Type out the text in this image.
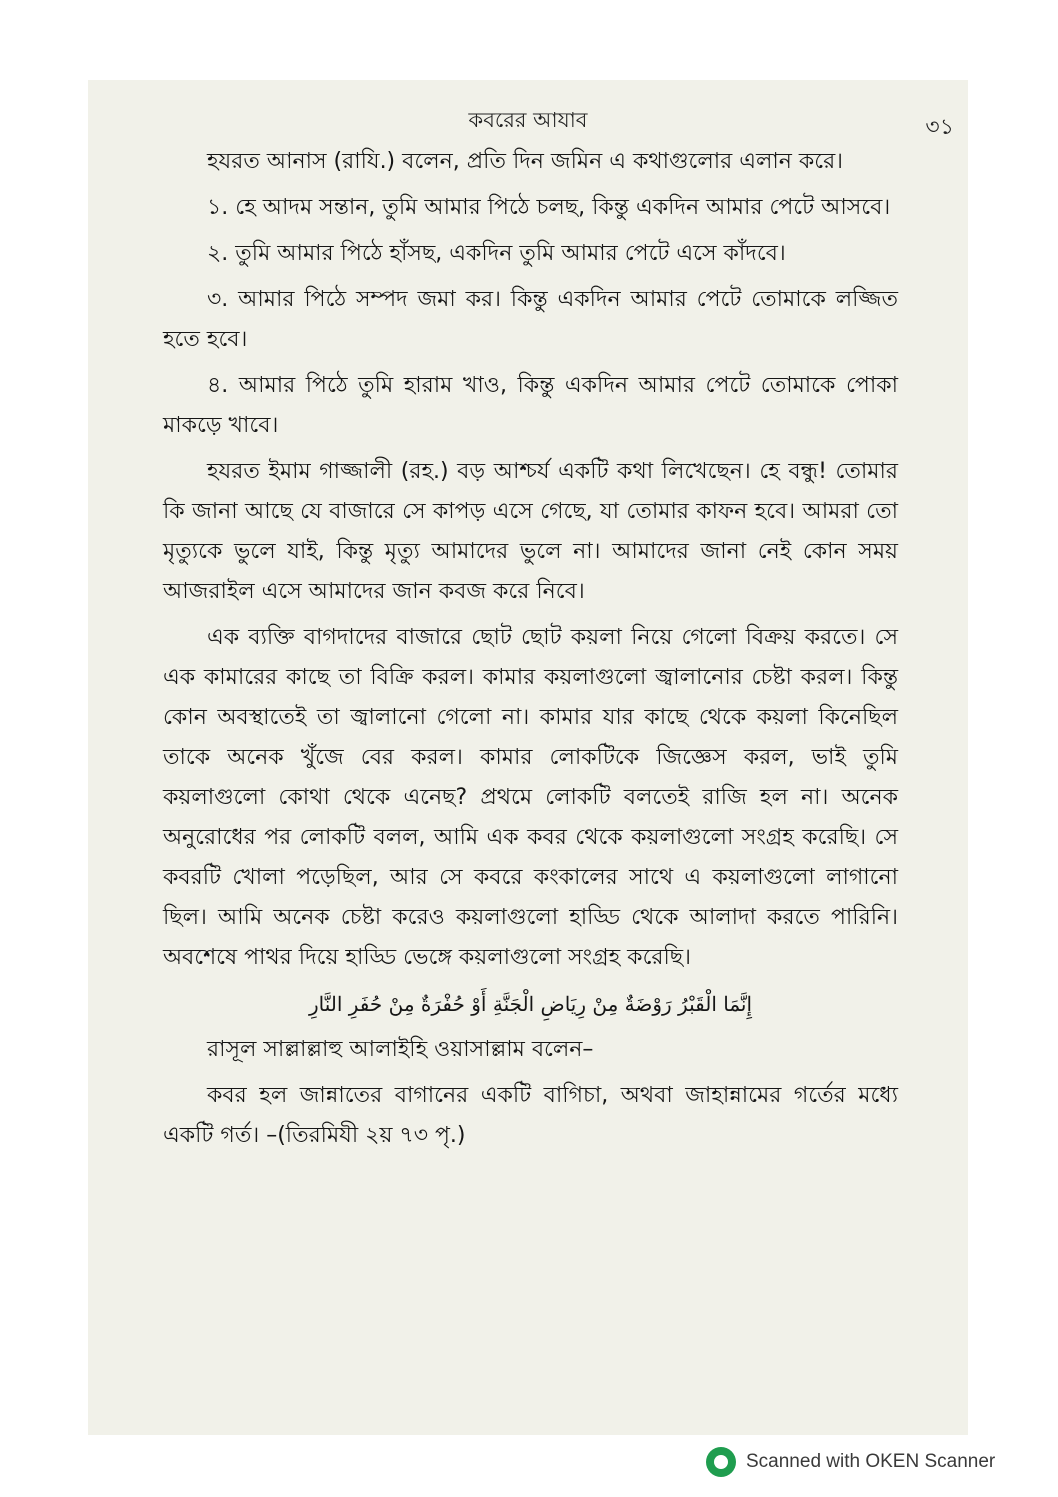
কবরের আযাব	৩১

হযরত আনাস (রাযি.) বলেন, প্রতি দিন জমিন এ কথাগুলোর এলান করে।

১. হে আদম সন্তান, তুমি আমার পিঠে চলছ, কিন্তু একদিন আমার পেটে আসবে।

২. তুমি আমার পিঠে হাঁসছ, একদিন তুমি আমার পেটে এসে কাঁদবে।

৩. আমার পিঠে সম্পদ জমা কর। কিন্তু একদিন আমার পেটে তোমাকে লজ্জিত হতে হবে।

৪. আমার পিঠে তুমি হারাম খাও, কিন্তু একদিন আমার পেটে তোমাকে পোকা মাকড়ে খাবে।

হযরত ইমাম গাজ্জালী (রহ.) বড় আশ্চর্য একটি কথা লিখেছেন। হে বন্ধু! তোমার কি জানা আছে যে বাজারে সে কাপড় এসে গেছে, যা তোমার কাফন হবে। আমরা তো মৃত্যুকে ভুলে যাই, কিন্তু মৃত্যু আমাদের ভুলে না। আমাদের জানা নেই কোন সময় আজরাইল এসে আমাদের জান কবজ করে নিবে।

এক ব্যক্তি বাগদাদের বাজারে ছোট ছোট কয়লা নিয়ে গেলো বিক্রয় করতে। সে এক কামারের কাছে তা বিক্রি করল। কামার কয়লাগুলো জ্বালানোর চেষ্টা করল। কিন্তু কোন অবস্থাতেই তা জ্বালানো গেলো না। কামার যার কাছে থেকে কয়লা কিনেছিল তাকে অনেক খুঁজে বের করল। কামার লোকটিকে জিজ্ঞেস করল, ভাই তুমি কয়লাগুলো কোথা থেকে এনেছ? প্রথমে লোকটি বলতেই রাজি হল না। অনেক অনুরোধের পর লোকটি বলল, আমি এক কবর থেকে কয়লাগুলো সংগ্রহ করেছি। সে কবরটি খোলা পড়েছিল, আর সে কবরে কংকালের সাথে এ কয়লাগুলো লাগানো ছিল। আমি অনেক চেষ্টা করেও কয়লাগুলো হাড্ডি থেকে আলাদা করতে পারিনি। অবশেষে পাথর দিয়ে হাড্ডি ভেঙ্গে কয়লাগুলো সংগ্রহ করেছি।

إِنَّمَا الْقَبْرُ رَوْضَةٌ مِنْ رِيَاضِ الْجَنَّةِ أَوْ حُفْرَةٌ مِنْ حُفَرِ النَّارِ

রাসূল সাল্লাল্লাহু আলাইহি ওয়াসাল্লাম বলেন–

কবর হল জান্নাতের বাগানের একটি বাগিচা, অথবা জাহান্নামের গর্তের মধ্যে একটি গর্ত। –(তিরমিযী ২য় ৭৩ পৃ.)

Scanned with OKEN Scanner
